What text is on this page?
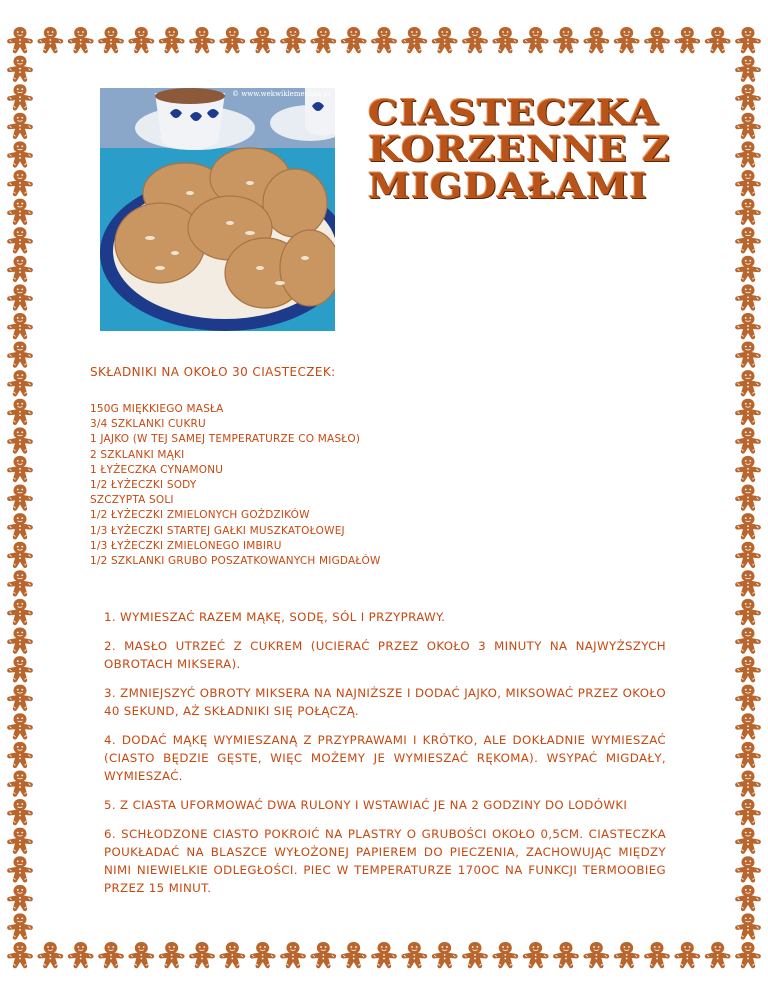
© www.wekwiklemenska.pl CIASTECZKA KORZENNE Z MIGDAŁAMI
SKŁADNIKI NA OKOŁO 30 CIASTECZEK:
150G MIĘKKIEGO MASŁA
3/4 SZKLANKI CUKRU
1 JAJKO (W TEJ SAMEJ TEMPERATURZE CO MASŁO)
2 SZKLANKI MĄKI
1 ŁYŻECZKA CYNAMONU
1/2 ŁYŻECZKI SODY
SZCZYPTA SOLI
1/2 ŁYŻECZKI ZMIELONYCH GOŹDZIKÓW
1/3 ŁYŻECZKI STARTEJ GAŁKI MUSZKATOŁOWEJ
1/3 ŁYŻECZKI ZMIELONEGO IMBIRU
1/2 SZKLANKI GRUBO POSZATKOWANYCH MIGDAŁÓW
1. WYMIESZAĆ RAZEM MĄKĘ, SODĘ, SÓL I PRZYPRAWY.
2. MASŁO UTRZEĆ Z CUKREM (UCIERAĆ PRZEZ OKOŁO 3 MINUTY NA NAJWYŻSZYCH OBROTACH MIKSERA).
3. ZMNIEJSZYĆ OBROTY MIKSERA NA NAJNIŻSZE I DODAĆ JAJKO, MIKSOWAĆ PRZEZ OKOŁO 40 SEKUND, AŻ SKŁADNIKI SIĘ POŁĄCZĄ.
4. DODAĆ MĄKĘ WYMIESZANĄ Z PRZYPRAWAMI I KRÓTKO, ALE DOKŁADNIE WYMIESZAĆ (CIASTO BĘDZIE GĘSTE, WIĘC MOŻEMY JE WYMIESZAĆ RĘKOMA). WSYPAĆ MIGDAŁY, WYMIESZAĆ.
5. Z CIASTA UFORMOWAĆ DWA RULONY I WSTAWIAĆ JE NA 2 GODZINY DO LODÓWKI
6. SCHŁODZONE CIASTO POKROIĆ NA PLASTRY O GRUBOŚCI OKOŁO 0,5CM. CIASTECZKA POUKŁADAĆ NA BLASZCE WYŁOŻONEJ PAPIEREM DO PIECZENIA, ZACHOWUJĄC MIĘDZY NIMI NIEWIELKIE ODLEGŁOŚCI. PIEC W TEMPERATURZE 170OC NA FUNKCJI TERMOOBIEG PRZEZ 15 MINUT.
